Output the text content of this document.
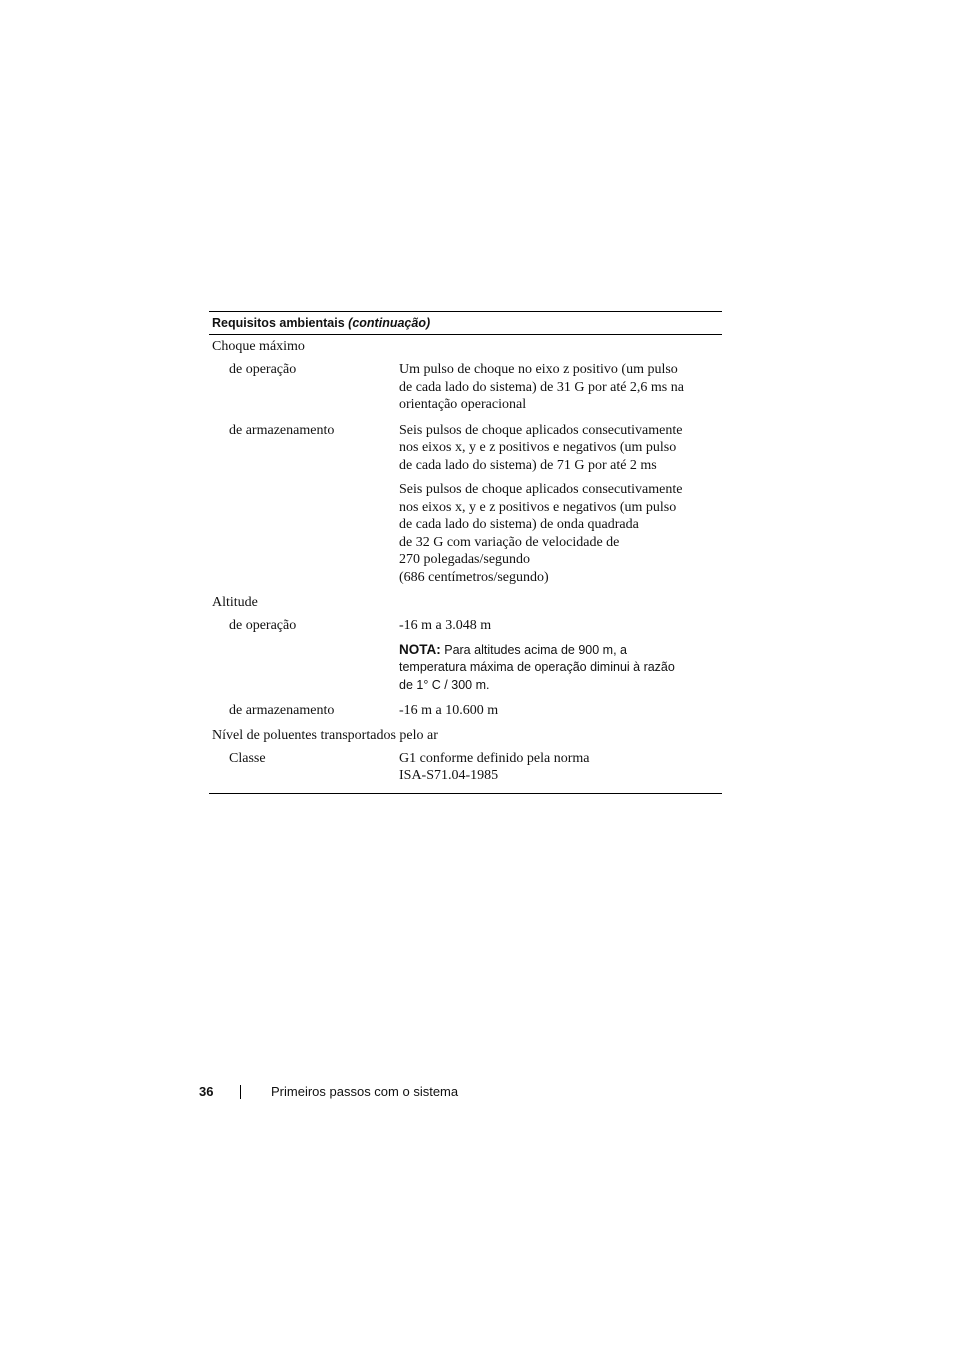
Requisitos ambientais (continuação)
Choque máximo
de operação	Um pulso de choque no eixo z positivo (um pulso
de cada lado do sistema) de 31 G por até 2,6 ms na
orientação operacional
de armazenamento	Seis pulsos de choque aplicados consecutivamente
nos eixos x, y e z positivos e negativos (um pulso
de cada lado do sistema) de 71 G por até 2 ms
Seis pulsos de choque aplicados consecutivamente
nos eixos x, y e z positivos e negativos (um pulso
de cada lado do sistema) de onda quadrada
de 32 G com variação de velocidade de
270 polegadas/segundo
(686 centímetros/segundo)
Altitude
de operação	-16 m a 3.048 m
NOTA: Para altitudes acima de 900 m, a
temperatura máxima de operação diminui à razão
de 1° C / 300 m.
de armazenamento	-16 m a 10.600 m
Nível de poluentes transportados pelo ar
Classe	G1 conforme definido pela norma
ISA-S71.04-1985
36	Primeiros passos com o sistema
